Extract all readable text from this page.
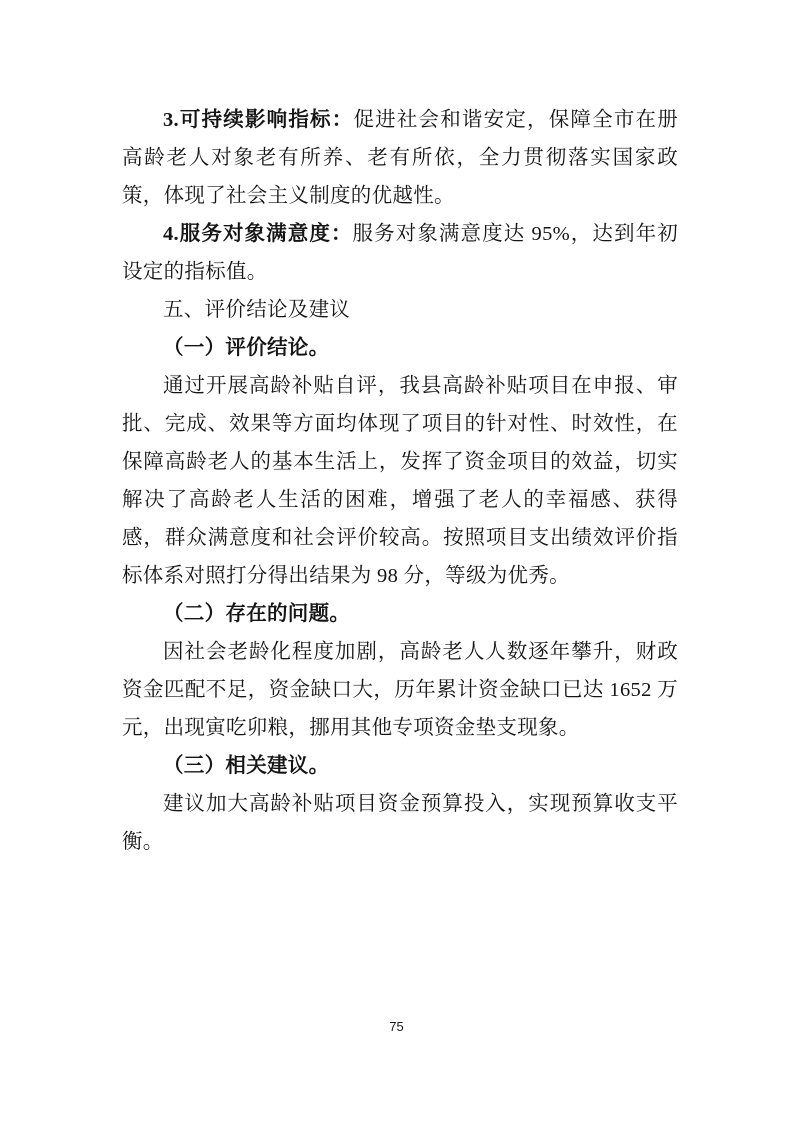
3.可持续影响指标：促进社会和谐安定，保障全市在册高龄老人对象老有所养、老有所依，全力贯彻落实国家政策，体现了社会主义制度的优越性。

4.服务对象满意度：服务对象满意度达 95%，达到年初设定的指标值。

五、评价结论及建议

（一）评价结论。

通过开展高龄补贴自评，我县高龄补贴项目在申报、审批、完成、效果等方面均体现了项目的针对性、时效性，在保障高龄老人的基本生活上，发挥了资金项目的效益，切实解决了高龄老人生活的困难，增强了老人的幸福感、获得感，群众满意度和社会评价较高。按照项目支出绩效评价指标体系对照打分得出结果为 98 分，等级为优秀。

（二）存在的问题。

因社会老龄化程度加剧，高龄老人人数逐年攀升，财政资金匹配不足，资金缺口大，历年累计资金缺口已达 1652 万元，出现寅吃卯粮，挪用其他专项资金垫支现象。

（三）相关建议。

建议加大高龄补贴项目资金预算投入，实现预算收支平衡。

75
